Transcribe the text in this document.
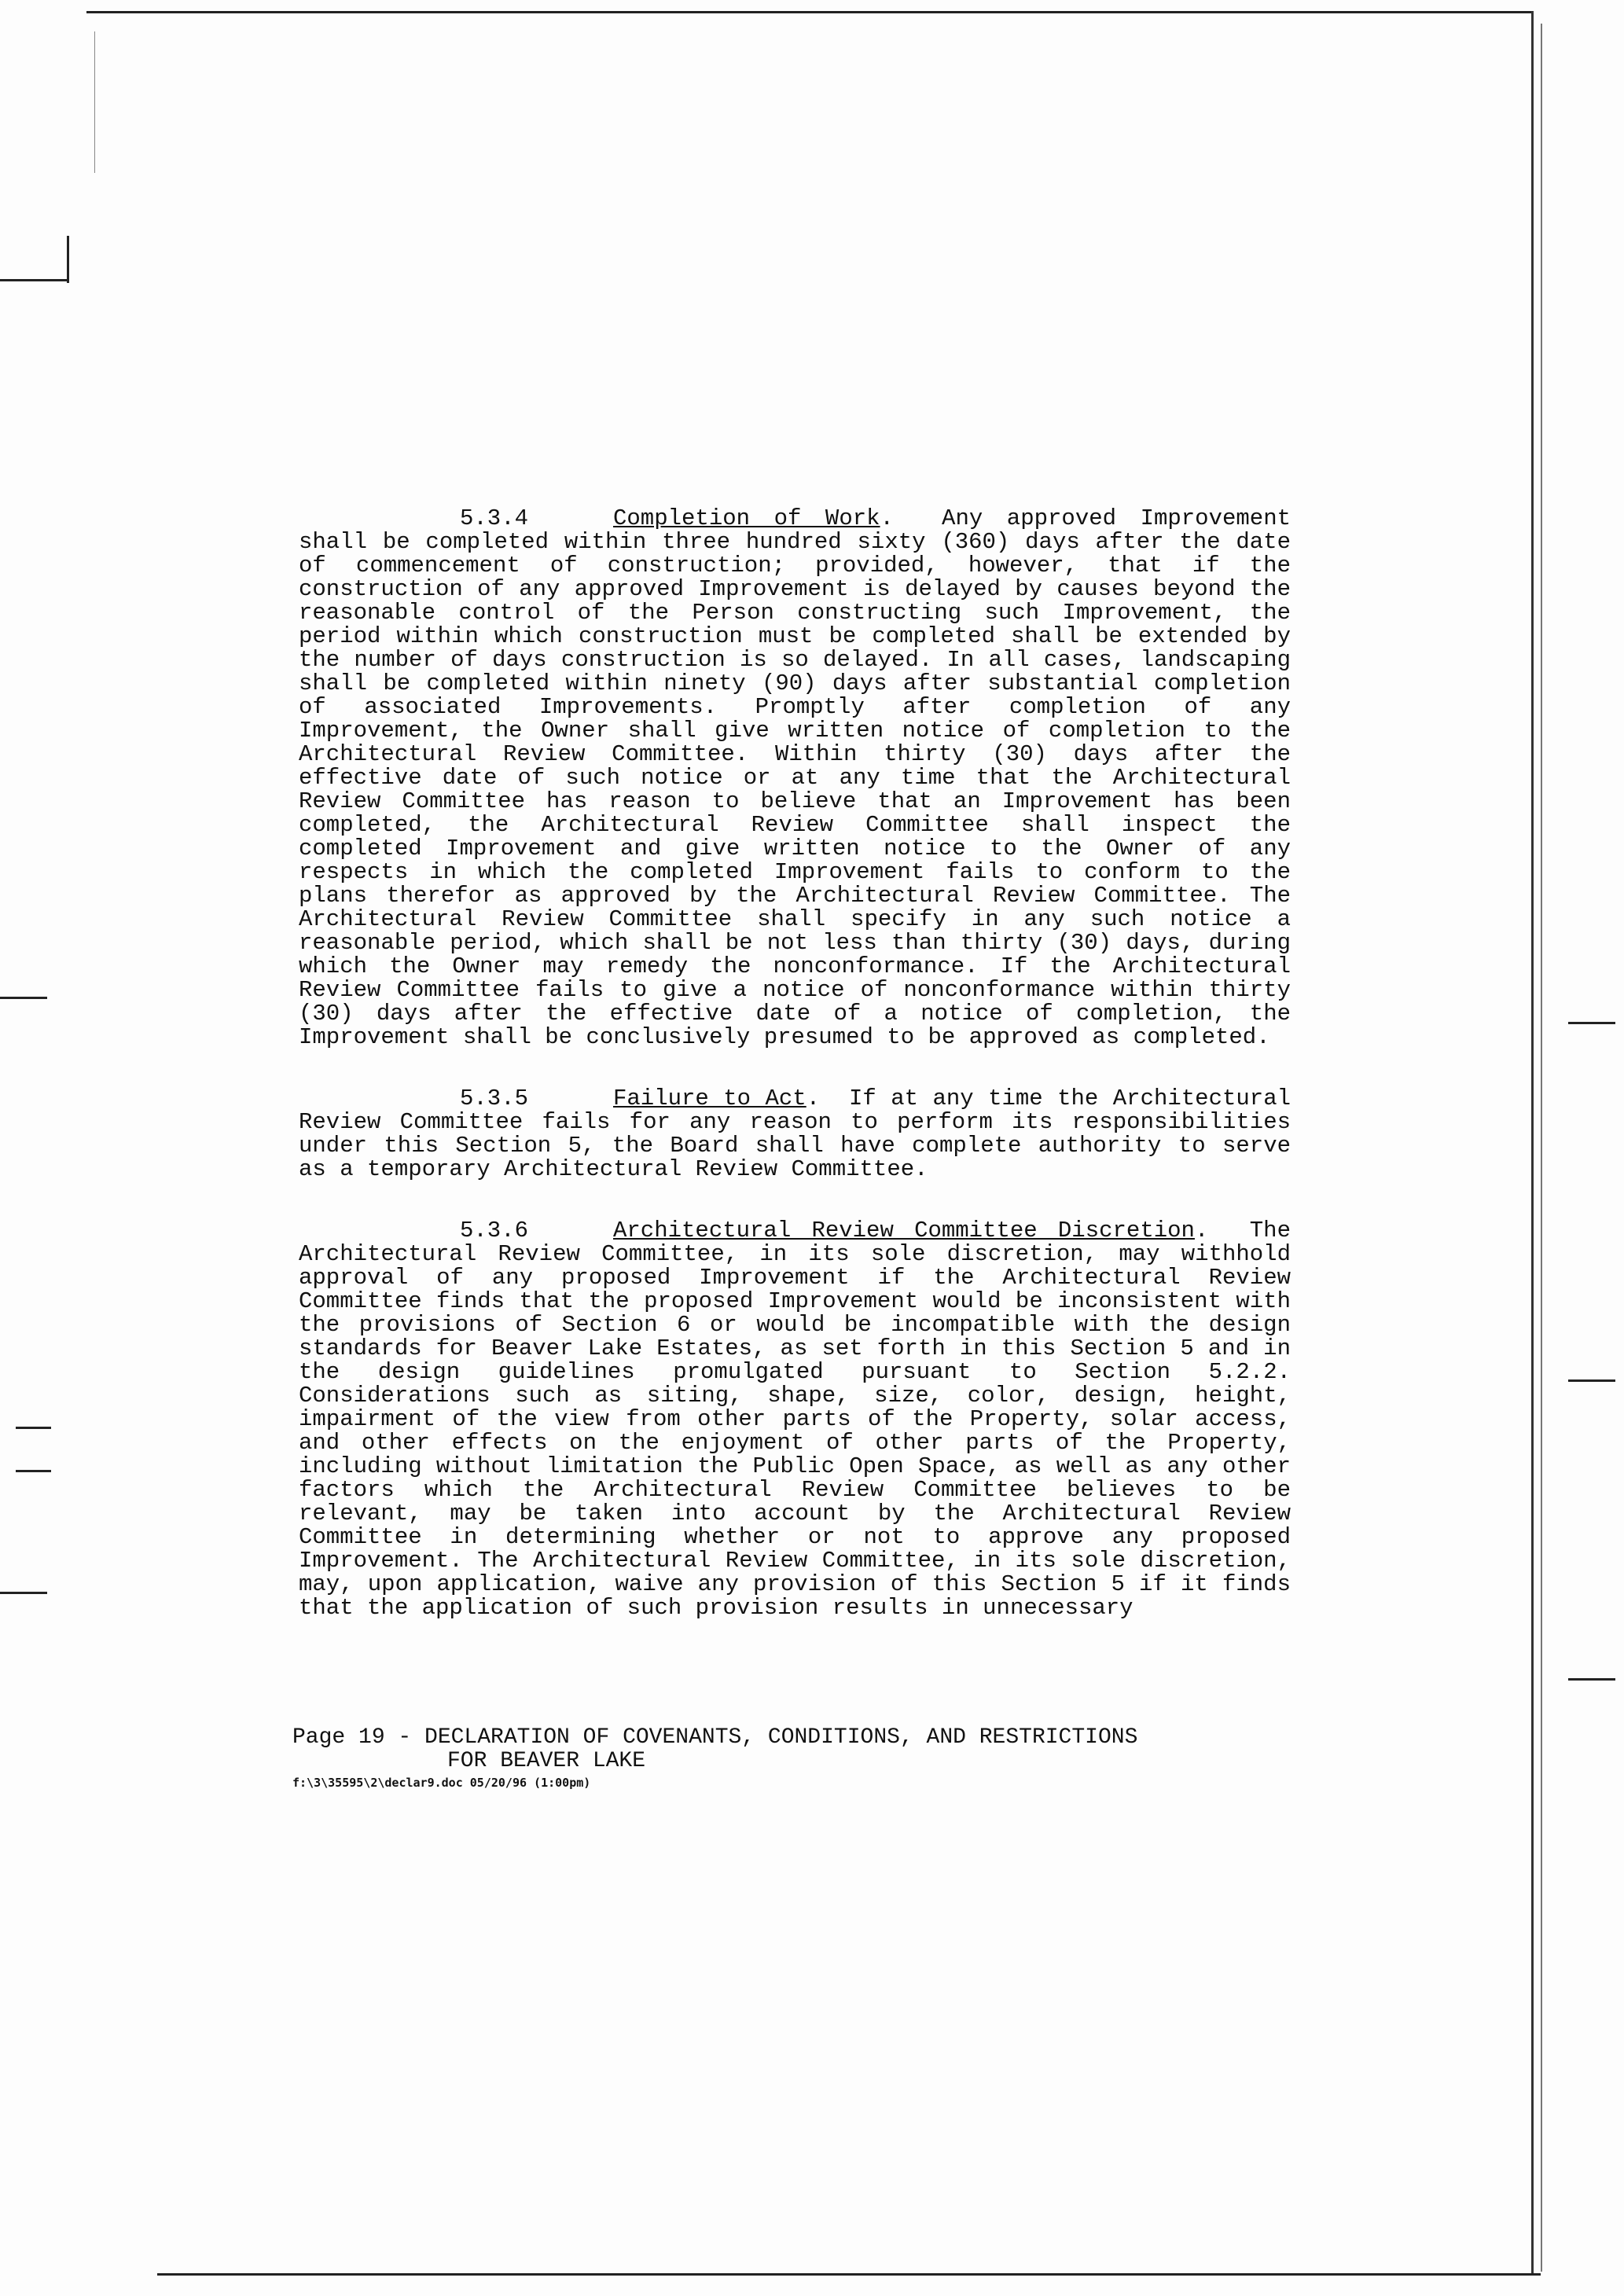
5.3.4	Completion of Work.  Any approved Improvement shall be completed within three hundred sixty (360) days after the date of commencement of construction; provided, however, that if the construction of any approved Improvement is delayed by causes beyond the reasonable control of the Person constructing such Improvement, the period within which construction must be completed shall be extended by the number of days construction is so delayed. In all cases, landscaping shall be completed within ninety (90) days after substantial completion of associated Improvements. Promptly after completion of any Improvement, the Owner shall give written notice of completion to the Architectural Review Committee. Within thirty (30) days after the effective date of such notice or at any time that the Architectural Review Committee has reason to believe that an Improvement has been completed, the Architectural Review Committee shall inspect the completed Improvement and give written notice to the Owner of any respects in which the completed Improvement fails to conform to the plans therefor as approved by the Architectural Review Committee. The Architectural Review Committee shall specify in any such notice a reasonable period, which shall be not less than thirty (30) days, during which the Owner may remedy the nonconformance. If the Architectural Review Committee fails to give a notice of nonconformance within thirty (30) days after the effective date of a notice of completion, the Improvement shall be conclusively presumed to be approved as completed.

5.3.5	Failure to Act.  If at any time the Architectural Review Committee fails for any reason to perform its responsibilities under this Section 5, the Board shall have complete authority to serve as a temporary Architectural Review Committee.

5.3.6	Architectural Review Committee Discretion.  The Architectural Review Committee, in its sole discretion, may withhold approval of any proposed Improvement if the Architectural Review Committee finds that the proposed Improvement would be inconsistent with the provisions of Section 6 or would be incompatible with the design standards for Beaver Lake Estates, as set forth in this Section 5 and in the design guidelines promulgated pursuant to Section 5.2.2. Considerations such as siting, shape, size, color, design, height, impairment of the view from other parts of the Property, solar access, and other effects on the enjoyment of other parts of the Property, including without limitation the Public Open Space, as well as any other factors which the Architectural Review Committee believes to be relevant, may be taken into account by the Architectural Review Committee in determining whether or not to approve any proposed Improvement. The Architectural Review Committee, in its sole discretion, may, upon application, waive any provision of this Section 5 if it finds that the application of such provision results in unnecessary

Page 19 - DECLARATION OF COVENANTS, CONDITIONS, AND RESTRICTIONS
FOR BEAVER LAKE
f:\3\35595\2\declar9.doc 05/20/96 (1:00pm)
